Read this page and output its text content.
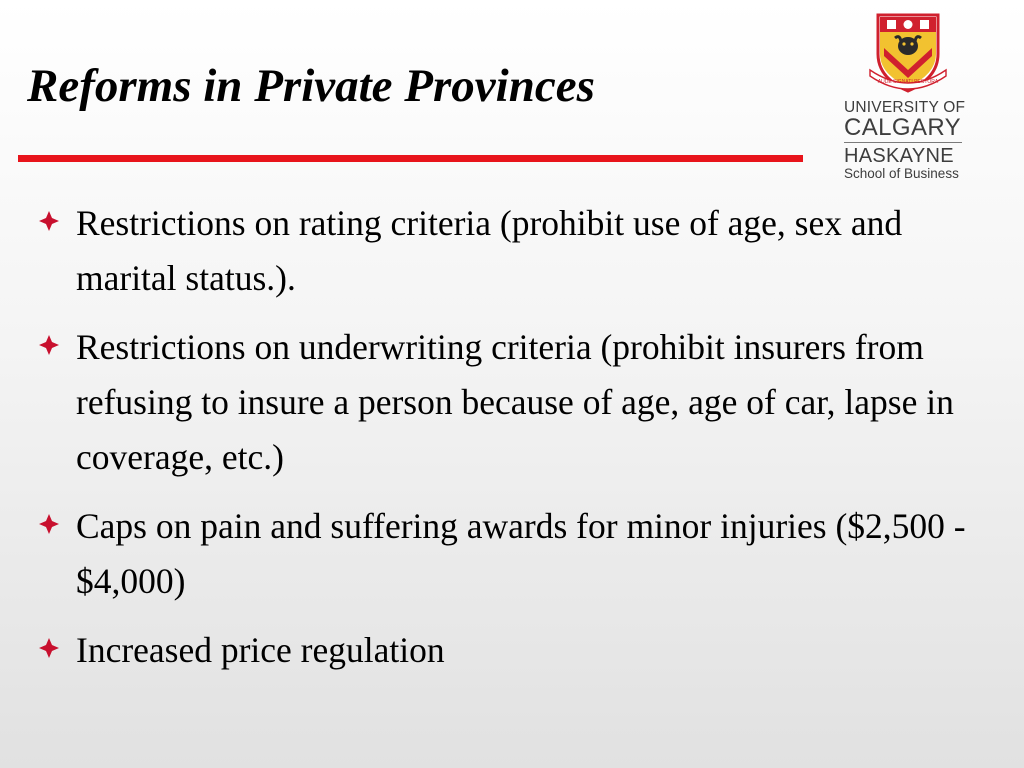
Reforms in Private Provinces	AUDE SIGNATI PECTORA
UNIVERSITY OF
CALGARY
HASKAYNE
School of Business
Restrictions on rating criteria (prohibit use of age, sex and marital status.).
Restrictions on underwriting criteria (prohibit insurers from refusing to insure a person because of age, age of car, lapse in coverage, etc.)
Caps on pain and suffering awards for minor injuries ($2,500 - $4,000)
Increased price regulation
